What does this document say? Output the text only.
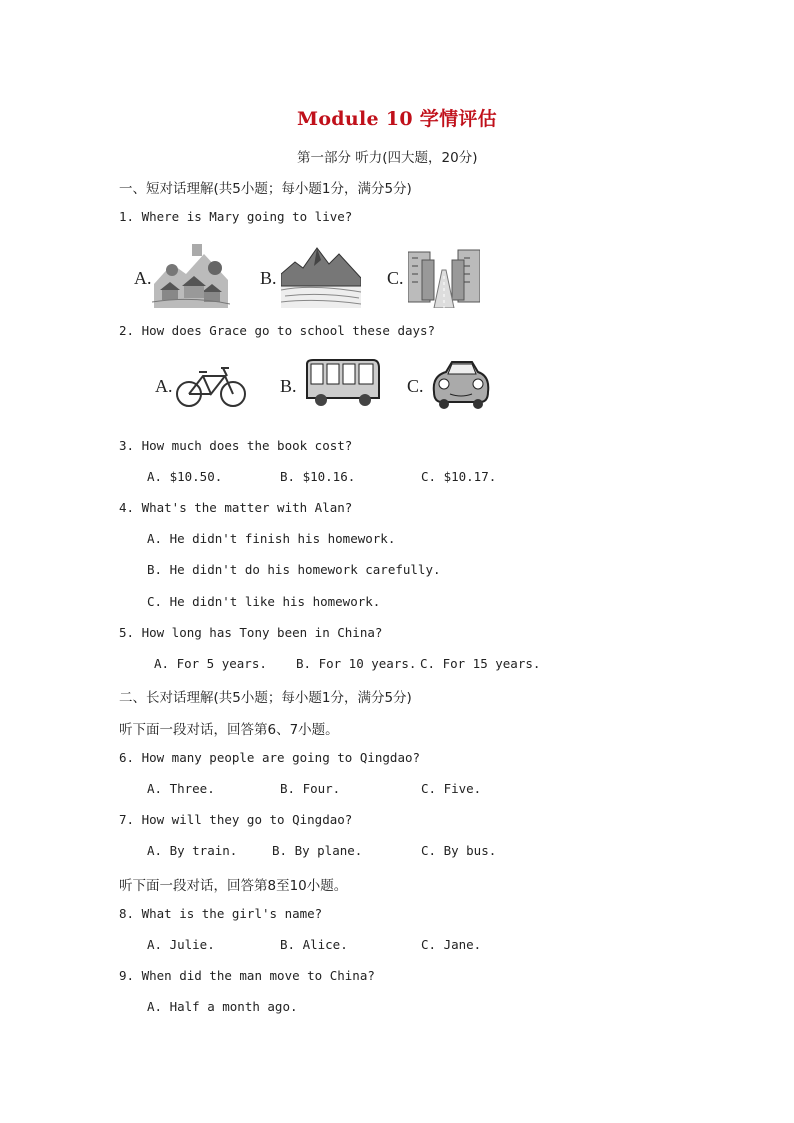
Module 10 学情评估
第一部分 听力(四大题，20分)
一、短对话理解(共5小题；每小题1分，满分5分)
1. Where is Mary going to live?
A.	B.	C.
2. How does Grace go to school these days?
A.	B.	C.
3. How much does the book cost?
A. $10.50.	B. $10.16.	C. $10.17.
4. What's the matter with Alan?
A. He didn't finish his homework.
B. He didn't do his homework carefully.
C. He didn't like his homework.
5. How long has Tony been in China?
A. For 5 years. B. For 10 years. C. For 15 years.
二、长对话理解(共5小题；每小题1分，满分5分)
听下面一段对话，回答第6、7小题。
6. How many people are going to Qingdao?
A. Three.	B. Four.	C. Five.
7. How will they go to Qingdao?
A. By train.	B. By plane.	C. By bus.
听下面一段对话，回答第8至10小题。
8. What is the girl's name?
A. Julie.	B. Alice.	C. Jane.
9. When did the man move to China?
A. Half a month ago.
